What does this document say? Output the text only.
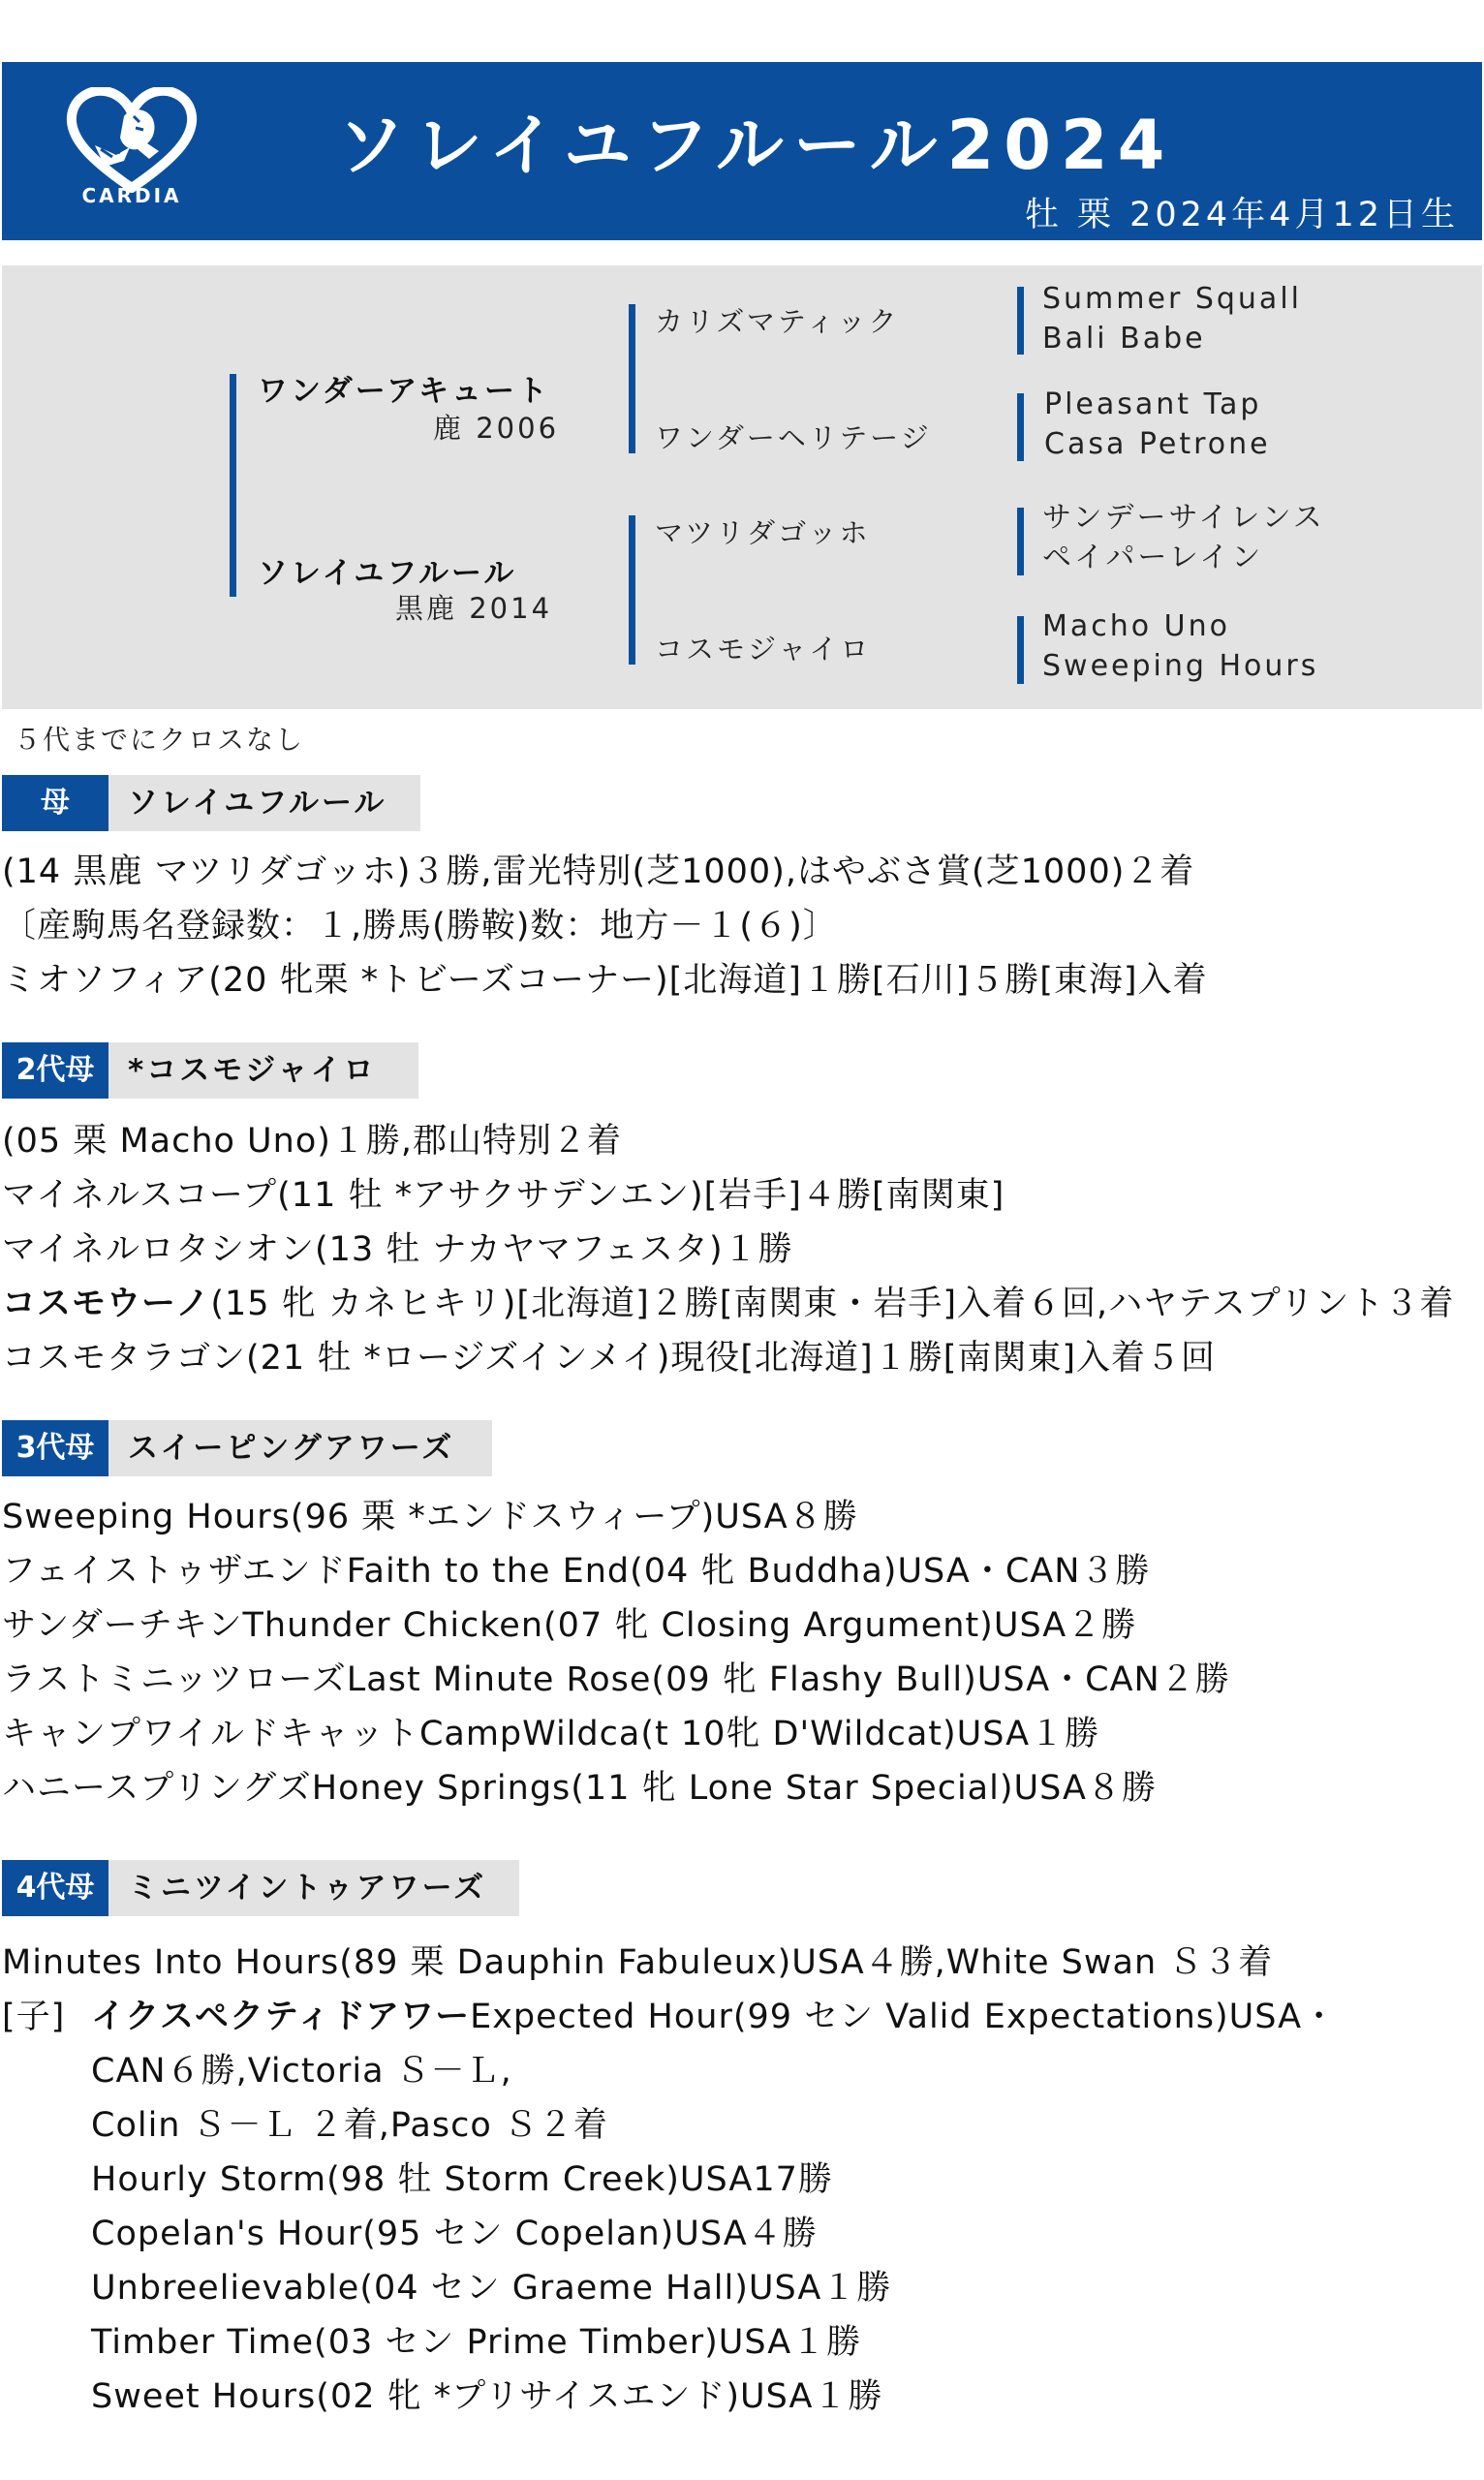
CARDIA
ソレイユフルール2024
牡 栗 2024年4月12日生
ワンダーアキュート
鹿 2006
ソレイユフルール
黒鹿 2014
カリズマティック
ワンダーヘリテージ
マツリダゴッホ
コスモジャイロ
Summer Squall
Bali Babe
Pleasant Tap
Casa Petrone
サンデーサイレンス
ペイパーレイン
Macho Uno
Sweeping Hours
５代までにクロスなし
母	ソレイユフルール
(14 黒鹿 マツリダゴッホ)３勝,雷光特別(芝1000),はやぶさ賞(芝1000)２着
〔産駒馬名登録数：１,勝馬(勝鞍)数：地方－１(６)〕
ミオソフィア(20 牝栗 *トビーズコーナー)[北海道]１勝[石川]５勝[東海]入着
2代母	*コスモジャイロ
(05 栗 Macho Uno)１勝,郡山特別２着
マイネルスコープ(11 牡 *アサクサデンエン)[岩手]４勝[南関東]
マイネルロタシオン(13 牡 ナカヤマフェスタ)１勝
コスモウーノ(15 牝 カネヒキリ)[北海道]２勝[南関東・岩手]入着６回,ハヤテスプリント３着
コスモタラゴン(21 牡 *ロージズインメイ)現役[北海道]１勝[南関東]入着５回
3代母	スイーピングアワーズ
Sweeping Hours(96 栗 *エンドスウィープ)USA８勝
フェイストゥザエンドFaith to the End(04 牝 Buddha)USA・CAN３勝
サンダーチキンThunder Chicken(07 牝 Closing Argument)USA２勝
ラストミニッツローズLast Minute Rose(09 牝 Flashy Bull)USA・CAN２勝
キャンプワイルドキャットCampWildca(t 10牝 D'Wildcat)USA１勝
ハニースプリングズHoney Springs(11 牝 Lone Star Special)USA８勝
4代母	ミニツイントゥアワーズ
Minutes Into Hours(89 栗 Dauphin Fabuleux)USA４勝,White Swan Ｓ３着
[子] イクスペクティドアワーExpected Hour(99 セン Valid Expectations)USA・
CAN６勝,Victoria Ｓ－Ｌ,
Colin Ｓ－Ｌ ２着,Pasco Ｓ２着
Hourly Storm(98 牡 Storm Creek)USA17勝
Copelan's Hour(95 セン Copelan)USA４勝
Unbreelievable(04 セン Graeme Hall)USA１勝
Timber Time(03 セン Prime Timber)USA１勝
Sweet Hours(02 牝 *プリサイスエンド)USA１勝
